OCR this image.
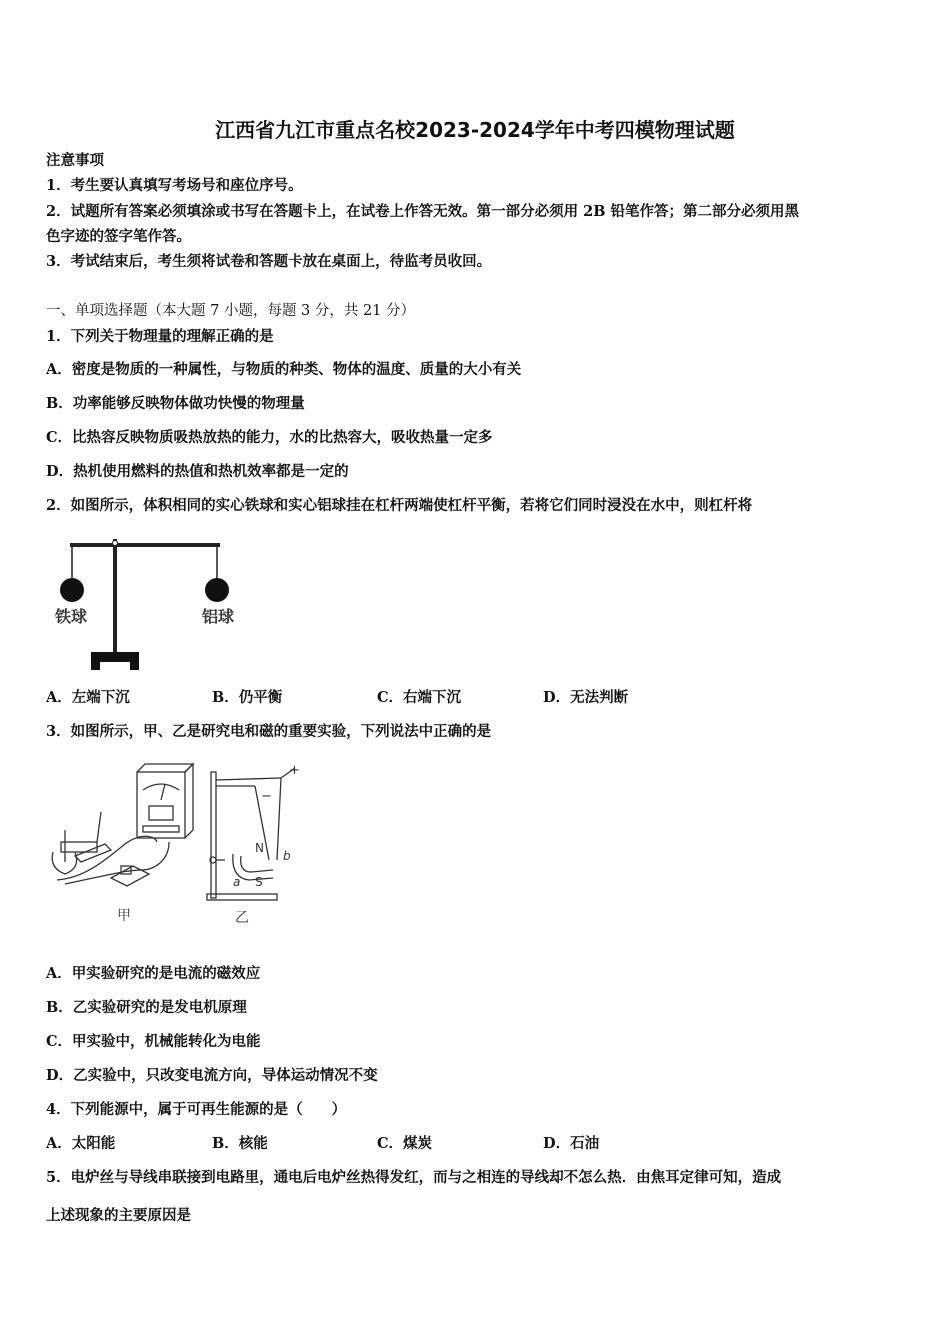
江西省九江市重点名校2023-2024学年中考四模物理试题
注意事项
1．考生要认真填写考场号和座位序号。
2．试题所有答案必须填涂或书写在答题卡上，在试卷上作答无效。第一部分必须用 2B 铅笔作答；第二部分必须用黑
色字迹的签字笔作答。
3．考试结束后，考生须将试卷和答题卡放在桌面上，待监考员收回。
一、单项选择题（本大题 7 小题，每题 3 分，共 21 分）
1．下列关于物理量的理解正确的是
A．密度是物质的一种属性，与物质的种类、物体的温度、质量的大小有关
B．功率能够反映物体做功快慢的物理量
C．比热容反映物质吸热放热的能力，水的比热容大，吸收热量一定多
D．热机使用燃料的热值和热机效率都是一定的
2．如图所示，体积相同的实心铁球和实心铝球挂在杠杆两端使杠杆平衡，若将它们同时浸没在水中，则杠杆将
铁球	铝球
A．左端下沉	B．仍平衡	C．右端下沉	D．无法判断
3．如图所示，甲、乙是研究电和磁的重要实验，下列说法中正确的是
甲
+
−
N
b
S
a
乙
A．甲实验研究的是电流的磁效应
B．乙实验研究的是发电机原理
C．甲实验中，机械能转化为电能
D．乙实验中，只改变电流方向，导体运动情况不变
4．下列能源中，属于可再生能源的是（　　）
A．太阳能	B．核能	C．煤炭	D．石油
5．电炉丝与导线串联接到电路里，通电后电炉丝热得发红，而与之相连的导线却不怎么热．由焦耳定律可知，造成
上述现象的主要原因是
